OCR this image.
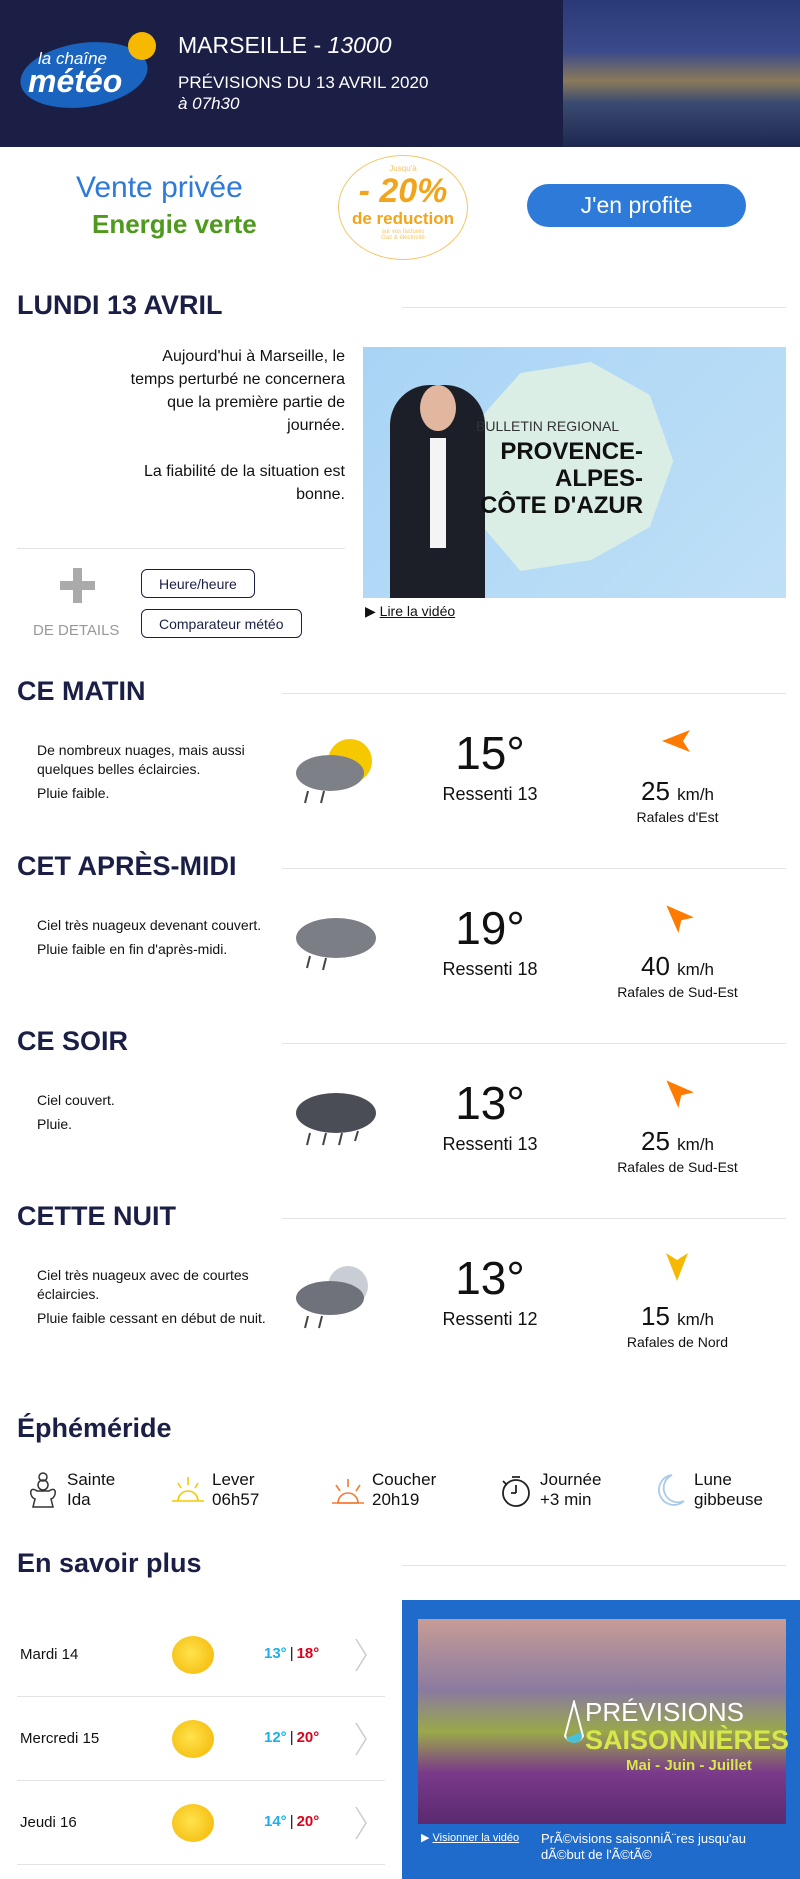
la chaîne
météo
MARSEILLE - 13000
PRÉVISIONS DU 13 AVRIL 2020
à 07h30
Vente privée
Energie verte
Jusqu'à
- 20%
de reduction
sur vos factures
Gaz & électricité
J'en profite
LUNDI 13 AVRIL

Aujourd'hui à Marseille, le temps perturbé ne concernera que la première partie de journée.

La fiabilité de la situation est bonne.

DE DETAILS
Heure/heure
Comparateur météo
BULLETIN REGIONAL
PROVENCE-
ALPES-
CÔTE D'AZUR
▶ Lire la vidéo
CE MATIN

De nombreux nuages, mais aussi quelques belles éclaircies.

Pluie faible.

15°
Ressenti 13	25 km/h
Rafales d'Est
CET APRÈS-MIDI

Ciel très nuageux devenant couvert.

Pluie faible en fin d'après-midi.	19°
Ressenti 18	40 km/h
Rafales de Sud-Est
CE SOIR

Ciel couvert.

Pluie.	13°
Ressenti 13	25 km/h
Rafales de Sud-Est
CETTE NUIT

Ciel très nuageux avec de courtes éclaircies.

Pluie faible cessant en début de nuit.

13°
Ressenti 12	15 km/h
Rafales de Nord
Éphéméride
Sainte
Ida
Lever
06h57
Coucher
20h19
Journée
+3 min
Lune
gibbeuse
En savoir plus
Mardi 14	13° | 18°
Mercredi 15	12° | 20°
Jeudi 16	14° | 20°
PRÉVISIONS
SAISONNIÈRES
Mai - Juin - Juillet
▶ Visionner la vidéo PrÃ©visions saisonniÃ¨res jusqu'au dÃ©but de l'Ã©tÃ©
